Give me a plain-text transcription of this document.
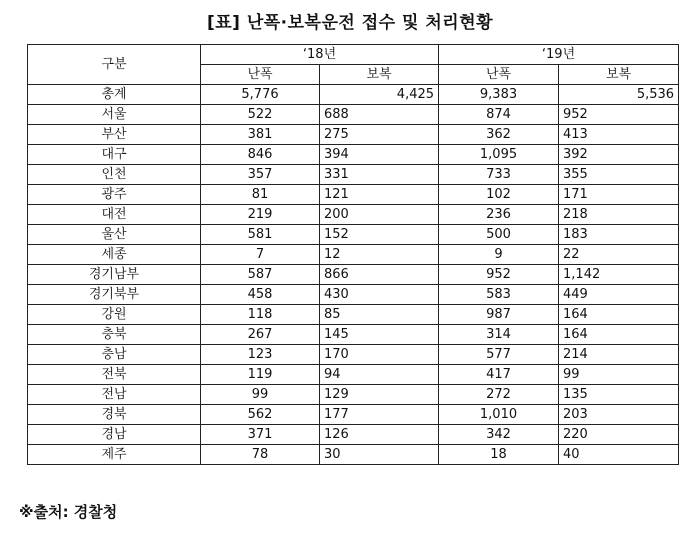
[표] 난폭·보복운전 접수 및 처리현황
구분	‘18년		‘19년	
	난폭	보복	난폭	보복
총계	5,776	4,425	9,383	5,536
서울	522	688	874	952
부산	381	275	362	413
대구	846	394	1,095	392
인천	357	331	733	355
광주	81	121	102	171
대전	219	200	236	218
울산	581	152	500	183
세종	7	12	9	22
경기남부	587	866	952	1,142
경기북부	458	430	583	449
강원	118	85	987	164
충북	267	145	314	164
충남	123	170	577	214
전북	119	94	417	99
전남	99	129	272	135
경북	562	177	1,010	203
경남	371	126	342	220
제주	78	30	18	40
※출처: 경찰청
